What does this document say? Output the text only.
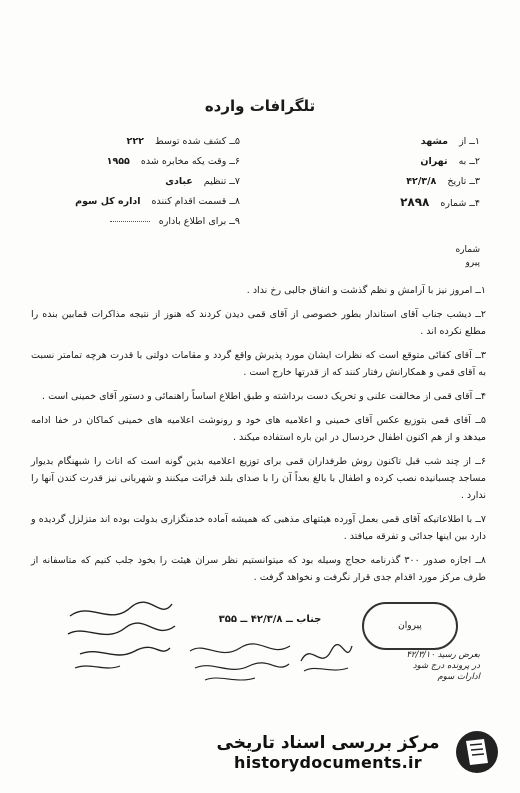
تلگرافات وارده
۱ــ از مشهد
۲ــ به تهران
۳ــ تاریخ ۴۲/۳/۸
۴ــ شماره ۲۸۹۸
۵ــ کشف شده توسط ۲۲۲
۶ــ وقت یکه مخابره شده ۱۹۵۵
۷ــ تنظیم عبادی
۸ــ قسمت اقدام کننده اداره کل سوم
۹ــ برای اطلاع باداره
شماره
پیرو

۱ــ امروز نیز با آرامش و نظم گذشت و اتفاق جالبی رخ نداد .

۲ــ دیشب جناب آقای استاندار بطور خصوصی از آقای قمی دیدن کردند که هنوز از نتیجه مذاکرات قمابین بنده را مطلع نکرده اند .

۳ــ آقای کفائی متوقع است که نظرات ایشان مورد پذیرش واقع گردد و مقامات دولتی با قدرت هرچه تمامتر نسبت به آقای قمی و همکارانش رفتار کنند که از قدرتها خارج است .

۴ــ آقای قمی از مخالفت علنی و تحریک دست برداشته و طبق اطلاع اساساً راهنمائی و دستور آقای خمینی است .

۵ــ آقای قمی بتوزیع عکس آقای خمینی و اعلامیه های خود و رونوشت اعلامیه های خمینی کماکان در خفا ادامه میدهد و از هم اکنون اطفال خردسال در این باره استفاده میکند .

۶ــ از چند شب قبل تاکنون روش طرفداران قمی برای توزیع اعلامیه بدین گونه است که اناث را شبهنگام بدیوار مساجد چسبانیده نصب کرده و اطفال با بالغ بعداً آن را با صدای بلند قرائت میکنند و شهربانی نیز قدرت کندن آنها را ندارد .

۷ــ با اطلاعاتیکه آقای قمی بعمل آورده هیئتهای مذهبی که همیشه آماده خدمتگزاری بدولت بوده اند متزلزل گردیده و دارد بین اینها جدائی و تفرقه میافتد .

۸ــ اجازه صدور ۳۰۰ گذرنامه حجاج وسیله بود که میتوانستیم نظر سران هیئت را بخود جلب کنیم که متاسفانه از طرف مرکز مورد اقدام جدی قرار نگرفت و نخواهد گرفت .

جناب ــ ۴۲/۳/۸ ــ ۳۵۵
پیروان
بعرض رسید ۴۲/۳/۱۰
در پرونده درج شود
ادارات سوم
مرکز بررسی اسناد تاریخی
historydocuments.ir
